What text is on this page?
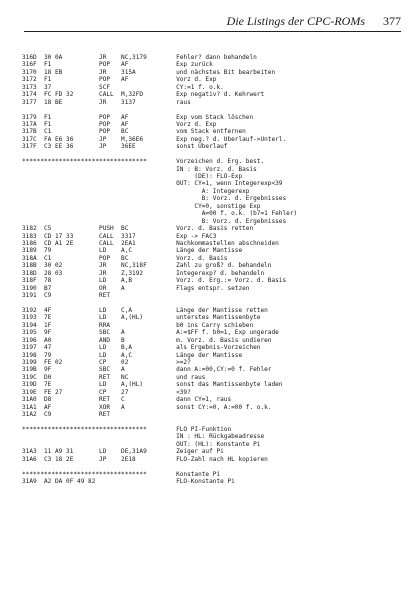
Die Listings der CPC-ROMs 377
316D  30 0A          JR    NC,3179        Fehler? dann behandeln
316F  F1             POP   AF             Exp zurück
3170  18 EB          JR    315A           und nächstes Bit bearbeiten
3172  F1             POP   AF             Vorz d. Exp
3173  37             SCF                  CY:=1 f. o.k.
3174  FC FD 32       CALL  M,32FD         Exp negativ? d. Kehrwert
3177  18 BE          JR    3137           raus
3179  F1             POP   AF             Exp vom Stack löschen
317A  F1             POP   AF             Vorz d. Exp
317B  C1             POP   BC             vom Stack entfernen
317C  FA E6 36       JP    M,36E6         Exp neg.? d. Überlauf->Unterl.
317F  C3 EE 36       JP    36EE           sonst Überlauf
**********************************        Vorzeichen d. Erg. best.
IN : B: Vorz. d. Basis
(DE): FLO-Exp
OUT: CY=1, wenn Integerexp<39
A: Integerexp
B: Vorz. d. Ergebnisses
CY=0, sonstige Exp
A=00 f. o.k. (b7=1 Fehler)
B: Vorz. d. Ergebnisses
3182  C5             PUSH  BC             Vorz. d. Basis retten
3183  CD 17 33       CALL  3317           Exp -> FAC3
3186  CD A1 2E       CALL  2EA1           Nachkommastellen abschneiden
3189  79             LD    A,C            Länge der Mantisse
318A  C1             POP   BC             Vorz. d. Basis
318B  30 02          JR    NC,318F        Zahl zu groß? d. behandeln
318D  28 03          JR    Z,3192         Integerexp? d. behandeln
318F  78             LD    A,B            Vorz. d. Erg.:= Vorz. d. Basis
3190  B7             OR    A              Flags entspr. setzen
3191  C9             RET
3192  4F             LD    C,A            Länge der Mantisse retten
3193  7E             LD    A,(HL)         unterstes Mantissenbyte
3194  1F             RRA                  b0 ins Carry schieben
3195  9F             SBC   A              A:=$FF f. b0=1, Exp ungerade
3196  A0             AND   B              m. Vorz. d. Basis undieren
3197  47             LD    B,A            als Ergebnis-Vorzeichen
3198  79             LD    A,C            Länge der Mantisse
3199  FE 02          CP    02             >=2?
319B  9F             SBC   A              dann A:=00,CY:=0 f. Fehler
319C  D0             RET   NC             und raus
319D  7E             LD    A,(HL)         sonst das Mantissenbyte laden
319E  FE 27          CP    27             <39?
31A0  D8             RET   C              dann CY=1, raus
31A1  AF             XOR   A              sonst CY:=0, A:=00 f. o.k.
31A2  C9             RET
**********************************        FLO PI-Funktion
IN : HL: Rückgabeadresse
OUT: (HL): Konstante Pi
31A3  11 A9 31       LD    DE,31A9        Zeiger auf Pi
31A6  C3 18 2E       JP    2E18           FLO-Zahl nach HL kopieren
**********************************        Konstante Pi
31A9  A2 DA 0F 49 82                      FLO-Konstante Pi
